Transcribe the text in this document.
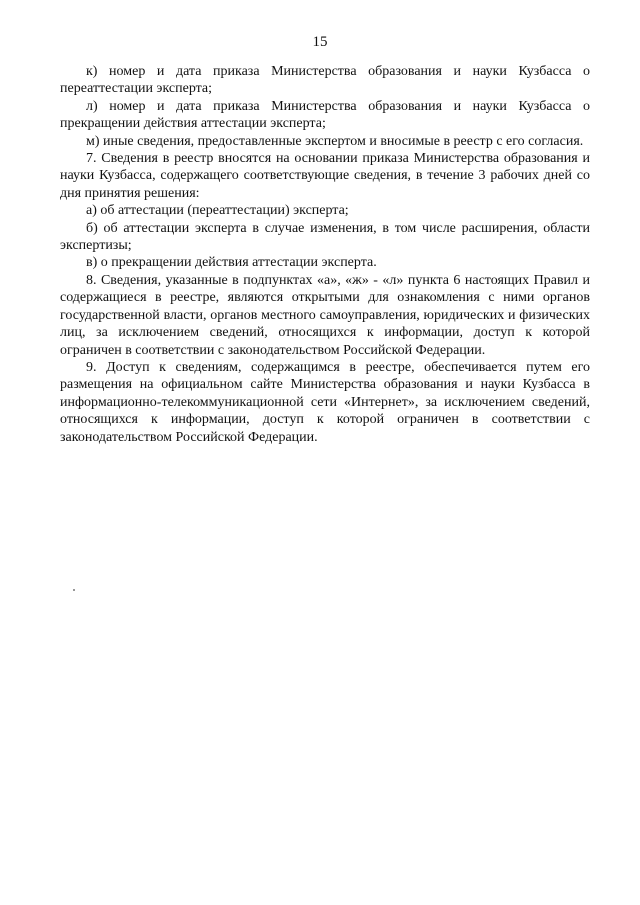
15

к) номер и дата приказа Министерства образования и науки Кузбасса о переаттестации эксперта;

л) номер и дата приказа Министерства образования и науки Кузбасса о прекращении действия аттестации эксперта;

м) иные сведения, предоставленные экспертом и вносимые в реестр с его согласия.

7. Сведения в реестр вносятся на основании приказа Министерства образования и науки Кузбасса, содержащего соответствующие сведения, в течение 3 рабочих дней со дня принятия решения:

а) об аттестации (переаттестации) эксперта;

б) об аттестации эксперта в случае изменения, в том числе расширения, области экспертизы;

в) о прекращении действия аттестации эксперта.

8. Сведения, указанные в подпунктах «а», «ж» - «л» пункта 6 настоящих Правил и содержащиеся в реестре, являются открытыми для ознакомления с ними органов государственной власти, органов местного самоуправления, юридических и физических лиц, за исключением сведений, относящихся к информации, доступ к которой ограничен в соответствии с законодательством Российской Федерации.

9. Доступ к сведениям, содержащимся в реестре, обеспечивается путем его размещения на официальном сайте Министерства образования и науки Кузбасса в информационно-телекоммуникационной сети «Интернет», за исключением сведений, относящихся к информации, доступ к которой ограничен в соответствии с законодательством Российской Федерации.
